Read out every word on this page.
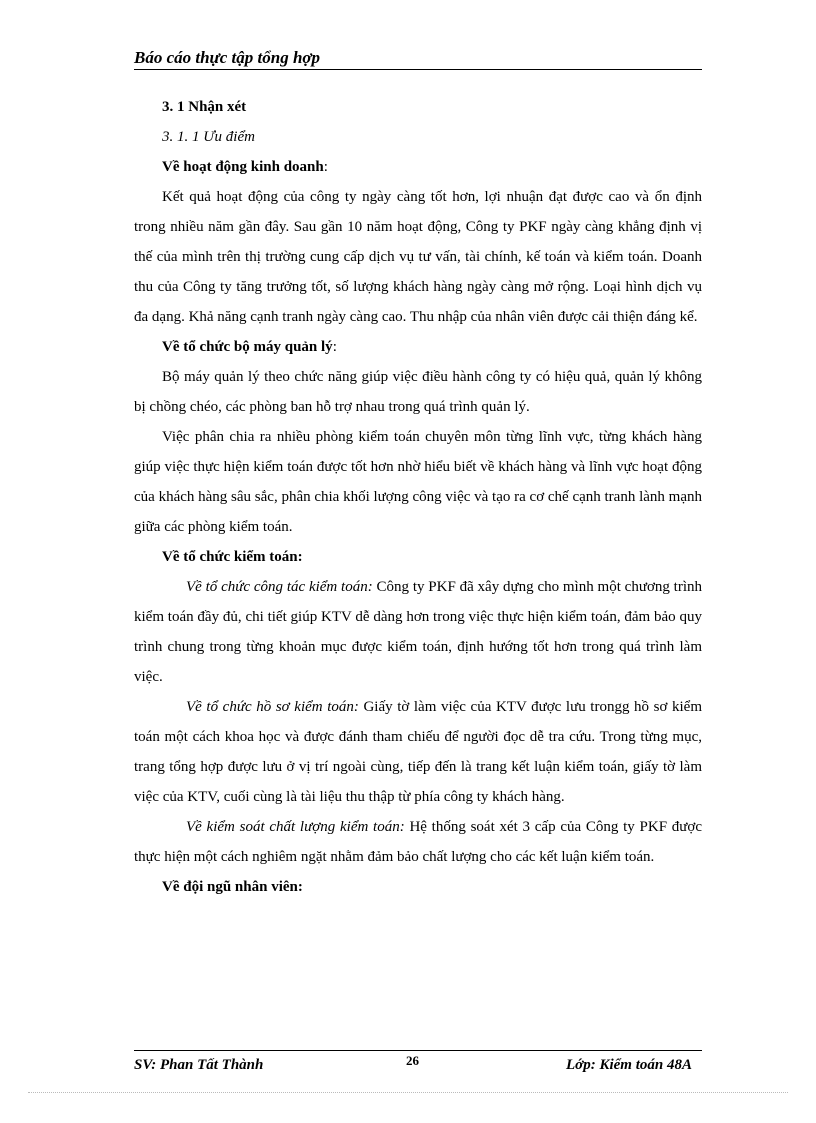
Báo cáo thực tập tổng hợp

3. 1 Nhận xét

3. 1. 1 Ưu điểm

Về hoạt động kinh doanh:

Kết quả hoạt động của công ty ngày càng tốt hơn, lợi nhuận đạt được cao và ổn định trong nhiều năm gần đây. Sau gần 10 năm hoạt động, Công ty PKF ngày càng khẳng định vị thế của mình trên thị trường cung cấp dịch vụ tư vấn, tài chính, kế toán và kiểm toán. Doanh thu của Công ty tăng trưởng tốt, số lượng khách hàng ngày càng mở rộng. Loại hình dịch vụ đa dạng. Khả năng cạnh tranh ngày càng cao. Thu nhập của nhân viên được cải thiện đáng kể.

Về tổ chức bộ máy quản lý:

Bộ máy quản lý theo chức năng giúp việc điều hành công ty có hiệu quả, quản lý không bị chồng chéo, các phòng ban hỗ trợ nhau trong quá trình quản lý.

Việc phân chia ra nhiều phòng kiểm toán chuyên môn từng lĩnh vực, từng khách hàng giúp việc thực hiện kiểm toán được tốt hơn nhờ hiểu biết về khách hàng và lĩnh vực hoạt động của khách hàng sâu sắc, phân chia khối lượng công việc và tạo ra cơ chế cạnh tranh lành mạnh giữa các phòng kiểm toán.

Về tổ chức kiểm toán:

Về tổ chức công tác kiểm toán: Công ty PKF đã xây dựng cho mình một chương trình kiểm toán đầy đủ, chi tiết giúp KTV dễ dàng hơn trong việc thực hiện kiểm toán, đảm bảo quy trình chung trong từng khoản mục được kiểm toán, định hướng tốt hơn trong quá trình làm việc.

Về tổ chức hồ sơ kiểm toán: Giấy tờ làm việc của KTV được lưu trongg hồ sơ kiểm toán một cách khoa học và được đánh tham chiếu để người đọc dễ tra cứu. Trong từng mục, trang tổng hợp được lưu ở vị trí ngoài cùng, tiếp đến là trang kết luận kiểm toán, giấy tờ làm việc của KTV, cuối cùng là tài liệu thu thập từ phía công ty khách hàng.

Về kiểm soát chất lượng kiểm toán: Hệ thống soát xét 3 cấp của Công ty PKF được thực hiện một cách nghiêm ngặt nhằm đảm bảo chất lượng cho các kết luận kiểm toán.

Về đội ngũ nhân viên:

SV: Phan Tất Thành	26	Lớp: Kiểm toán 48A
